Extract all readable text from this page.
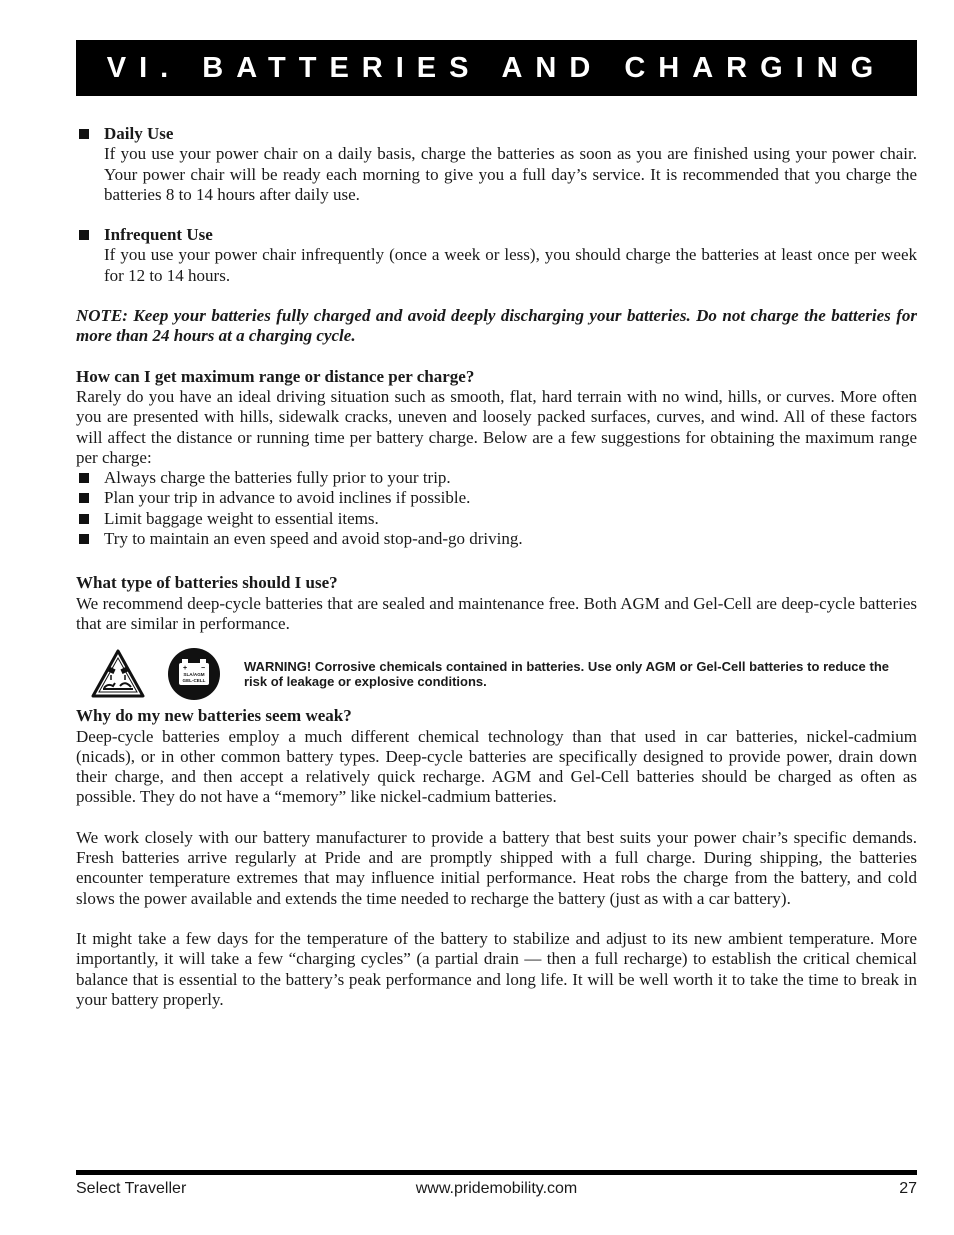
VI. BATTERIES AND CHARGING

Daily Use

If you use your power chair on a daily basis, charge the batteries as soon as you are finished using your power chair. Your power chair will be ready each morning to give you a full day’s service. It is recommended that you charge the batteries 8 to 14 hours after daily use.

Infrequent Use

If you use your power chair infrequently (once a week or less), you should charge the batteries at least once per week for 12 to 14 hours.

NOTE: Keep your batteries fully charged and avoid deeply discharging your batteries. Do not charge the batteries for more than 24 hours at a charging cycle.

How can I get maximum range or distance per charge?

Rarely do you have an ideal driving situation such as smooth, flat, hard terrain with no wind, hills, or curves. More often you are presented with hills, sidewalk cracks, uneven and loosely packed surfaces, curves, and wind. All of these factors will affect the distance or running time per battery charge. Below are a few suggestions for obtaining the maximum range per charge:

Always charge the batteries fully prior to your trip.
Plan your trip in advance to avoid inclines if possible.
Limit baggage weight to essential items.
Try to maintain an even speed and avoid stop-and-go driving.

What type of batteries should I use?

We recommend deep-cycle batteries that are sealed and maintenance free. Both AGM and Gel-Cell are deep-cycle batteries that are similar in performance.

+ −
SLA/AGM
GEL-CELL

WARNING! Corrosive chemicals contained in batteries. Use only AGM or Gel-Cell batteries to reduce the risk of leakage or explosive conditions.

Why do my new batteries seem weak?

Deep-cycle batteries employ a much different chemical technology than that used in car batteries, nickel-cadmium (nicads), or in other common battery types. Deep-cycle batteries are specifically designed to provide power, drain down their charge, and then accept a relatively quick recharge. AGM and Gel-Cell batteries should be charged as often as possible. They do not have a “memory” like nickel-cadmium batteries.

We work closely with our battery manufacturer to provide a battery that best suits your power chair’s specific demands. Fresh batteries arrive regularly at Pride and are promptly shipped with a full charge. During shipping, the batteries encounter temperature extremes that may influence initial performance. Heat robs the charge from the battery, and cold slows the power available and extends the time needed to recharge the battery (just as with a car battery).

It might take a few days for the temperature of the battery to stabilize and adjust to its new ambient temperature. More importantly, it will take a few “charging cycles” (a partial drain — then a full recharge) to establish the critical chemical balance that is essential to the battery’s peak performance and long life. It will be well worth it to take the time to break in your battery properly.

Select Traveller	www.pridemobility.com	27
